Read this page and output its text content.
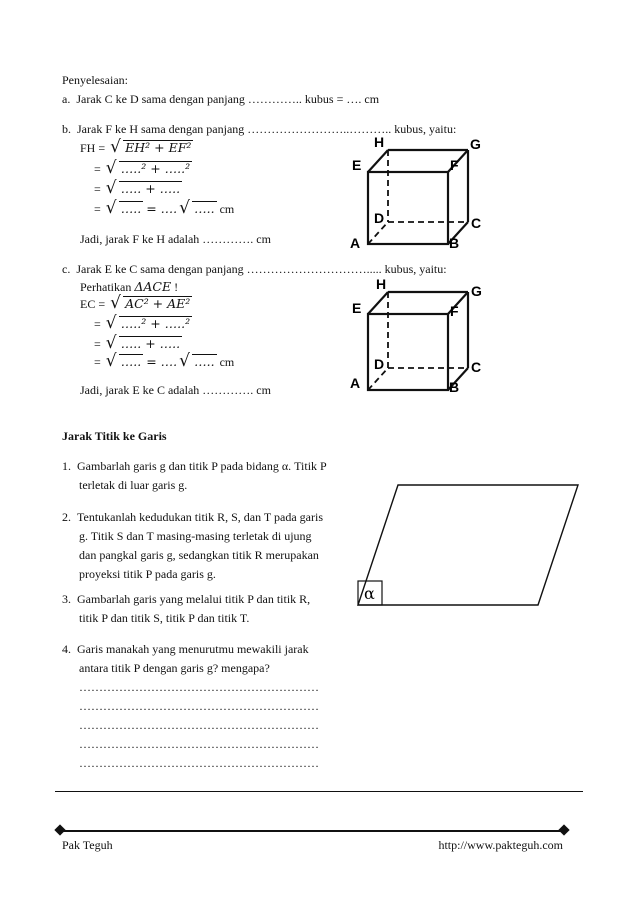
Penyelesaian:
a.  Jarak C ke D sama dengan panjang ………….. kubus = …. cm
b.  Jarak F ke H sama dengan panjang ……………………..……….. kubus, yaitu:
FH = √ EH² + EF²
= √ …..² + …..²
= √ ….. + …..
= √ ….. = …. √ ….. cm
Jadi, jarak F ke H adalah …………. cm
H	G
E	F
D	C
A	B
c.  Jarak E ke C sama dengan panjang …………………………..... kubus, yaitu:
Perhatikan ΔACE !
EC = √ AC² + AE²
= √ …..² + …..²
= √ ….. + …..
= √ ….. = …. √ ….. cm
Jadi, jarak E ke C adalah …………. cm
H	G
E	F
D	C
A	B
Jarak Titik ke Garis
1.  Gambarlah garis g dan titik P pada bidang α. Titik P
terletak di luar garis g.
2.  Tentukanlah kedudukan titik R, S, dan T pada garis
g. Titik S dan T masing-masing terletak di ujung
dan pangkal garis g, sedangkan titik R merupakan
proyeksi titik P pada garis g.
3.  Gambarlah garis yang melalui titik P dan titik R,
titik P dan titik S, titik P dan titik T.
4.  Garis manakah yang menurutmu mewakili jarak
antara titik P dengan garis g? mengapa?
……………………………………………………
……………………………………………………
……………………………………………………
……………………………………………………
……………………………………………………
α
Pak Teguh	http://www.pakteguh.com
